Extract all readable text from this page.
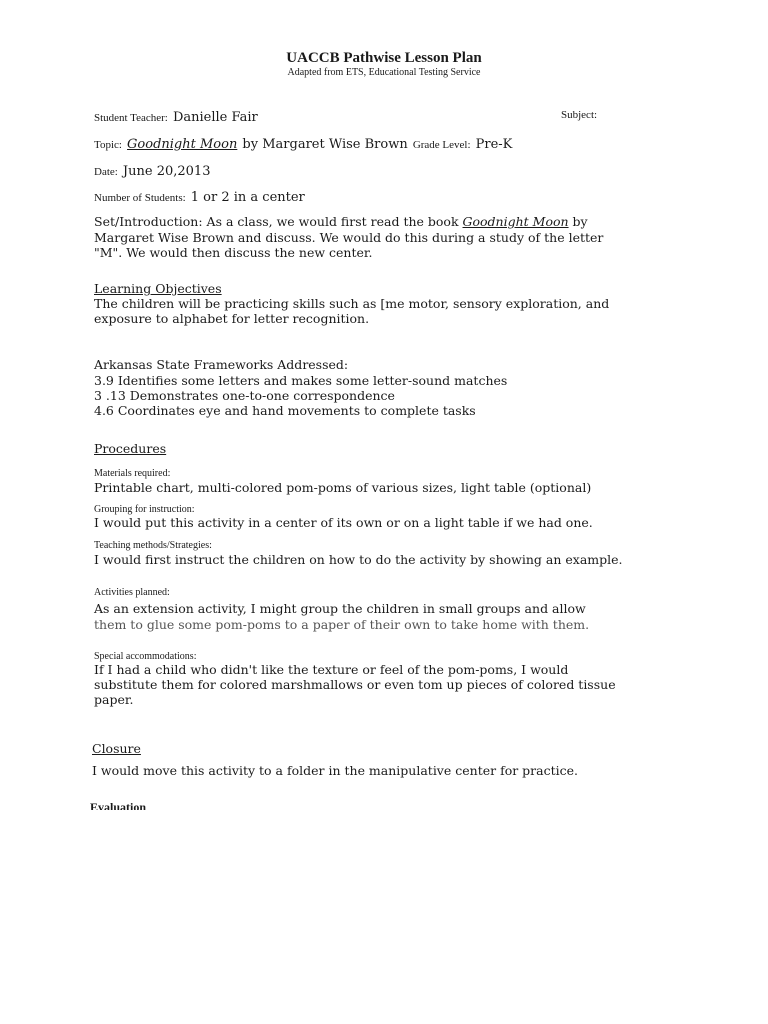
UACCB Pathwise Lesson Plan
Adapted from ETS, Educational Testing Service
Student Teacher: Danielle Fair	Subject:
Topic: Goodnight Moon by Margaret Wise Brown Grade Level: Pre-K
Date: June 20,2013
Number of Students: 1 or 2 in a center
Set/Introduction: As a class, we would first read the book Goodnight Moon by
Margaret Wise Brown and discuss. We would do this during a study of the letter
"M". We would then discuss the new center.
Learning Objectives
The children will be practicing skills such as [me motor, sensory exploration, and
exposure to alphabet for letter recognition.
Arkansas State Frameworks Addressed:
3.9 Identifies some letters and makes some letter-sound matches
3 .13 Demonstrates one-to-one correspondence
4.6 Coordinates eye and hand movements to complete tasks
Procedures
Materials required:
Printable chart, multi-colored pom-poms of various sizes, light table (optional)
Grouping for instruction:
I would put this activity in a center of its own or on a light table if we had one.
Teaching methods/Strategies:
I would first instruct the children on how to do the activity by showing an example.
Activities planned:
As an extension activity, I might group the children in small groups and allow
them to glue some pom-poms to a paper of their own to take home with them.
Special accommodations:
If I had a child who didn't like the texture or feel of the pom-poms, I would
substitute them for colored marshmallows or even tom up pieces of colored tissue
paper.
Closure
I would move this activity to a folder in the manipulative center for practice.
Evaluation
